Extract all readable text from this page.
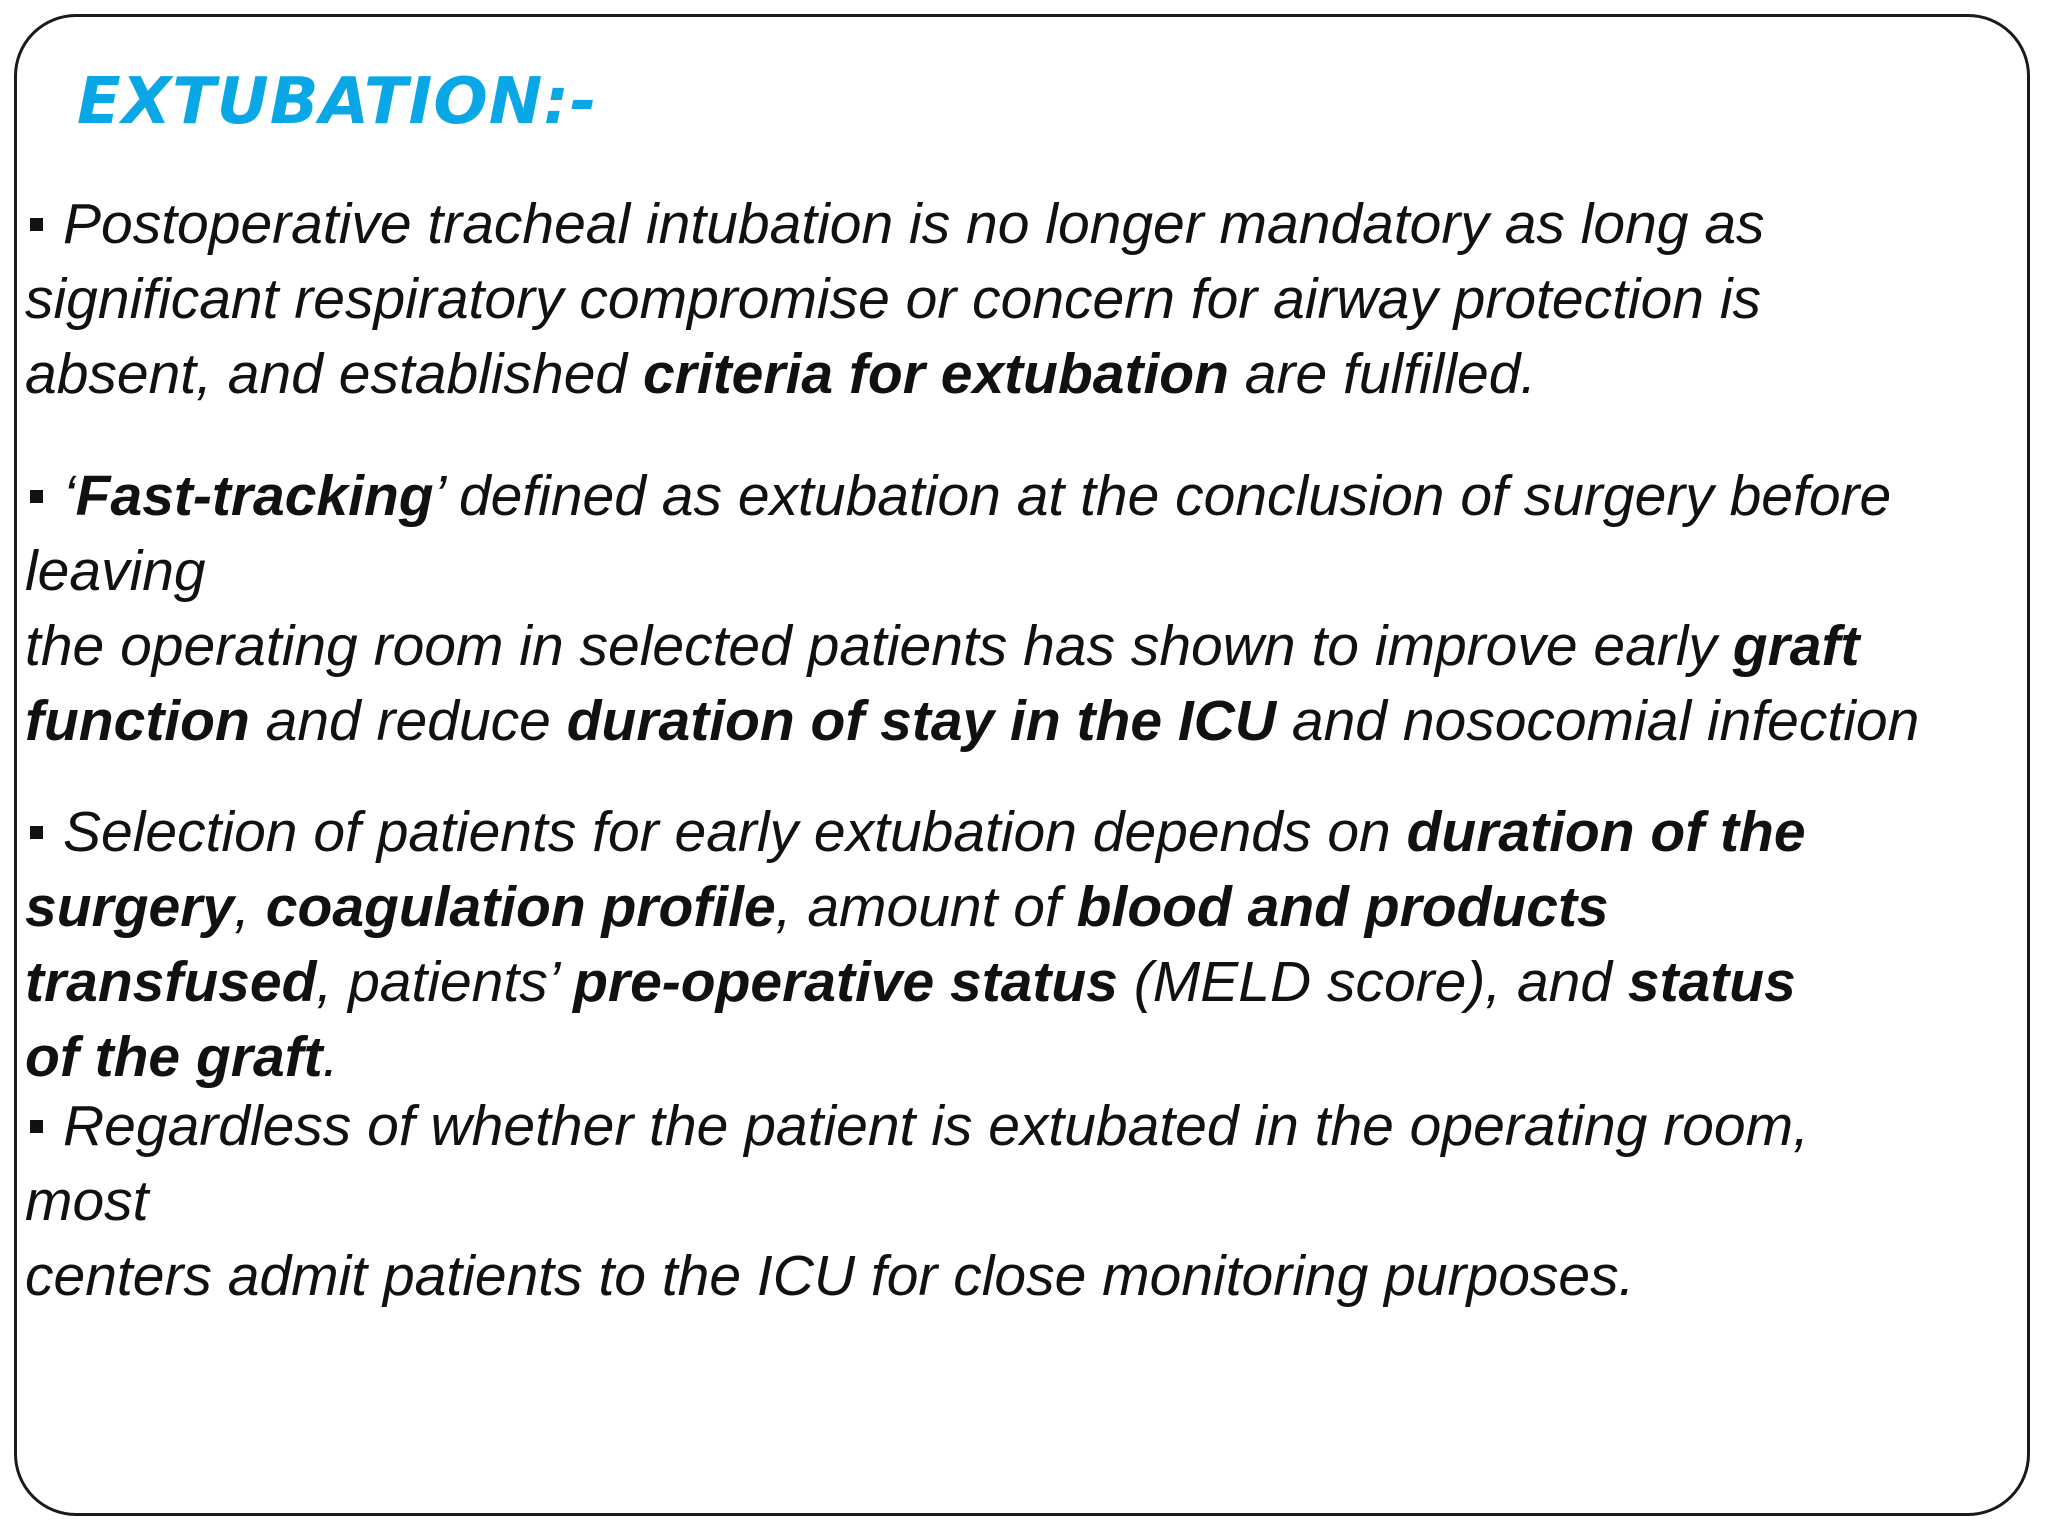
EXTUBATION:-
Postoperative tracheal intubation is no longer mandatory as long as
significant respiratory compromise or concern for airway protection is
absent, and established criteria for extubation are fulfilled.
‘Fast-tracking’ defined as extubation at the conclusion of surgery before
leaving
the operating room in selected patients has shown to improve early graft
function and reduce duration of stay in the ICU and nosocomial infection
Selection of patients for early extubation depends on duration of the
surgery, coagulation profile, amount of blood and products
transfused, patients’ pre-operative status (MELD score), and status
of the graft.
Regardless of whether the patient is extubated in the operating room,
most
centers admit patients to the ICU for close monitoring purposes.
